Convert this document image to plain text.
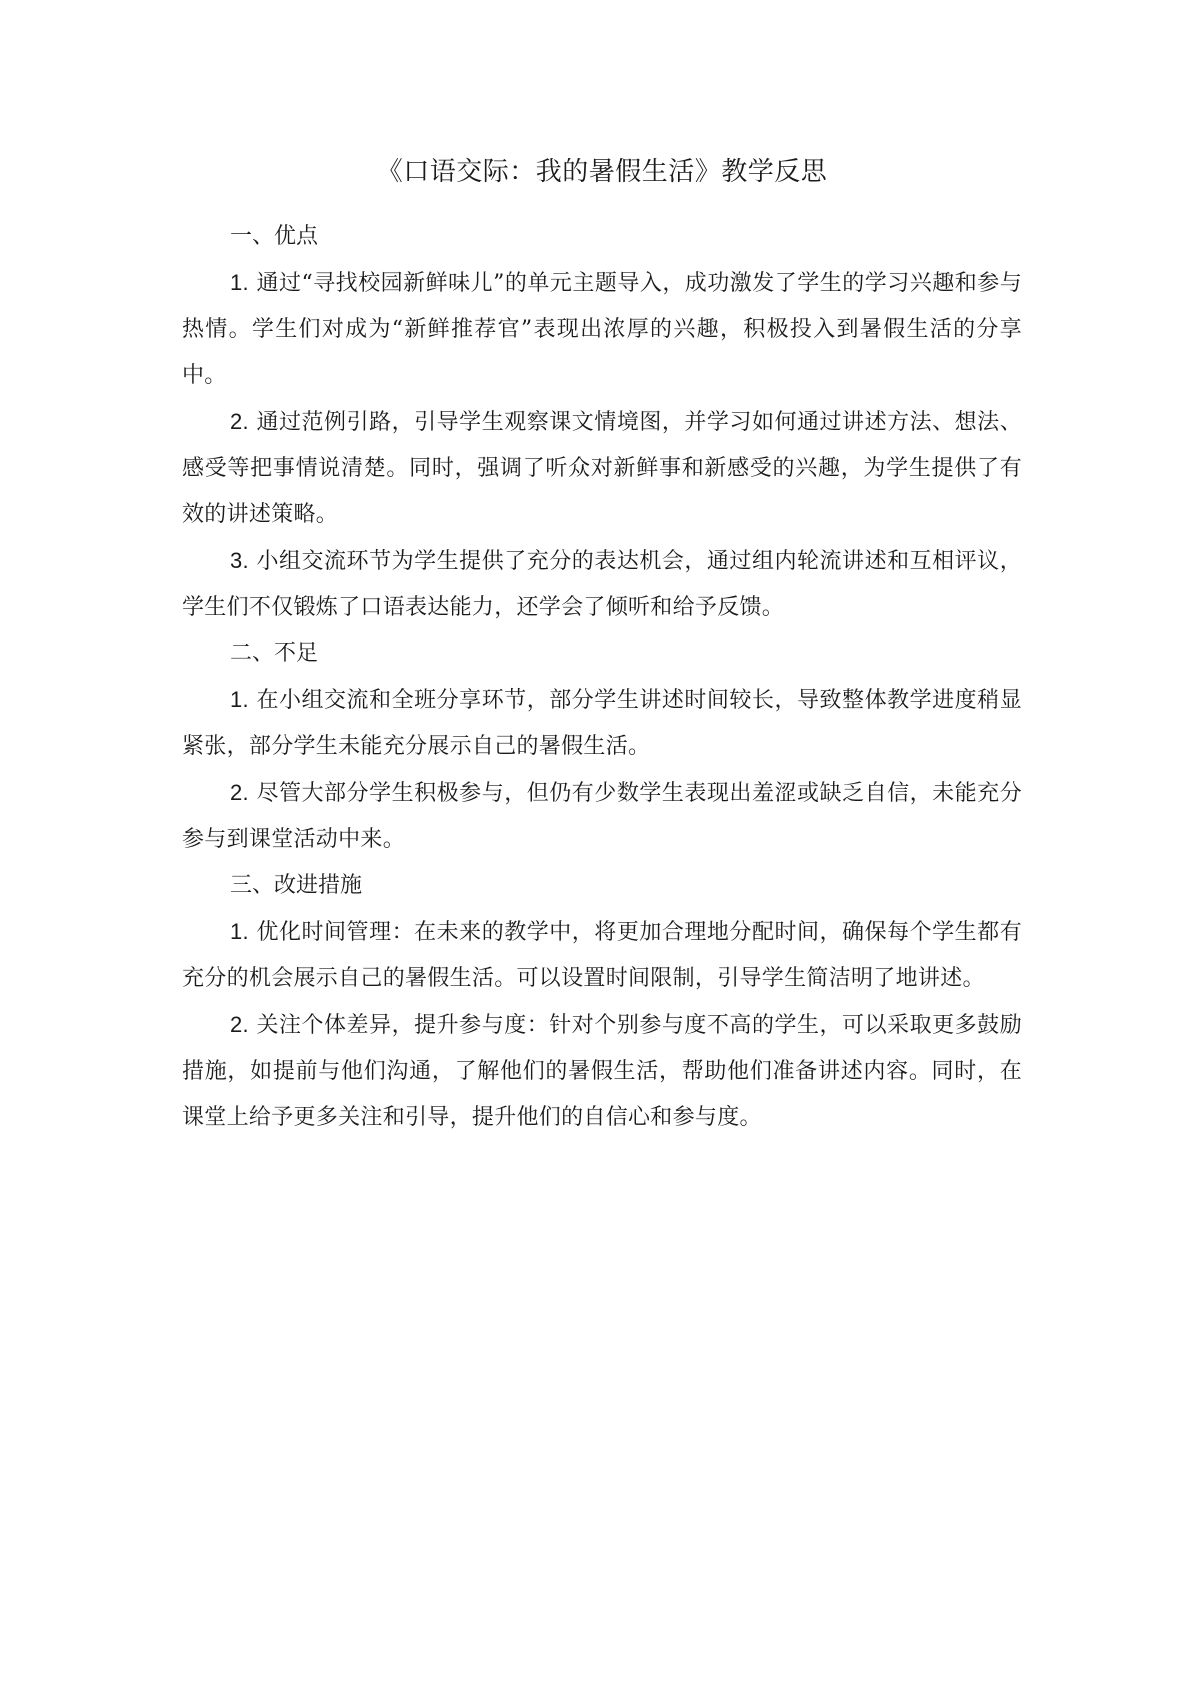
《口语交际：我的暑假生活》教学反思

一、优点

1. 通过“寻找校园新鲜味儿”的单元主题导入，成功激发了学生的学习兴趣和参与热情。学生们对成为“新鲜推荐官”表现出浓厚的兴趣，积极投入到暑假生活的分享中。

2. 通过范例引路，引导学生观察课文情境图，并学习如何通过讲述方法、想法、感受等把事情说清楚。同时，强调了听众对新鲜事和新感受的兴趣，为学生提供了有效的讲述策略。

3. 小组交流环节为学生提供了充分的表达机会，通过组内轮流讲述和互相评议，学生们不仅锻炼了口语表达能力，还学会了倾听和给予反馈。

二、不足

1. 在小组交流和全班分享环节，部分学生讲述时间较长，导致整体教学进度稍显紧张，部分学生未能充分展示自己的暑假生活。

2. 尽管大部分学生积极参与，但仍有少数学生表现出羞涩或缺乏自信，未能充分参与到课堂活动中来。

三、改进措施

1. 优化时间管理：在未来的教学中，将更加合理地分配时间，确保每个学生都有充分的机会展示自己的暑假生活。可以设置时间限制，引导学生简洁明了地讲述。

2. 关注个体差异，提升参与度：针对个别参与度不高的学生，可以采取更多鼓励措施，如提前与他们沟通，了解他们的暑假生活，帮助他们准备讲述内容。同时，在课堂上给予更多关注和引导，提升他们的自信心和参与度。
